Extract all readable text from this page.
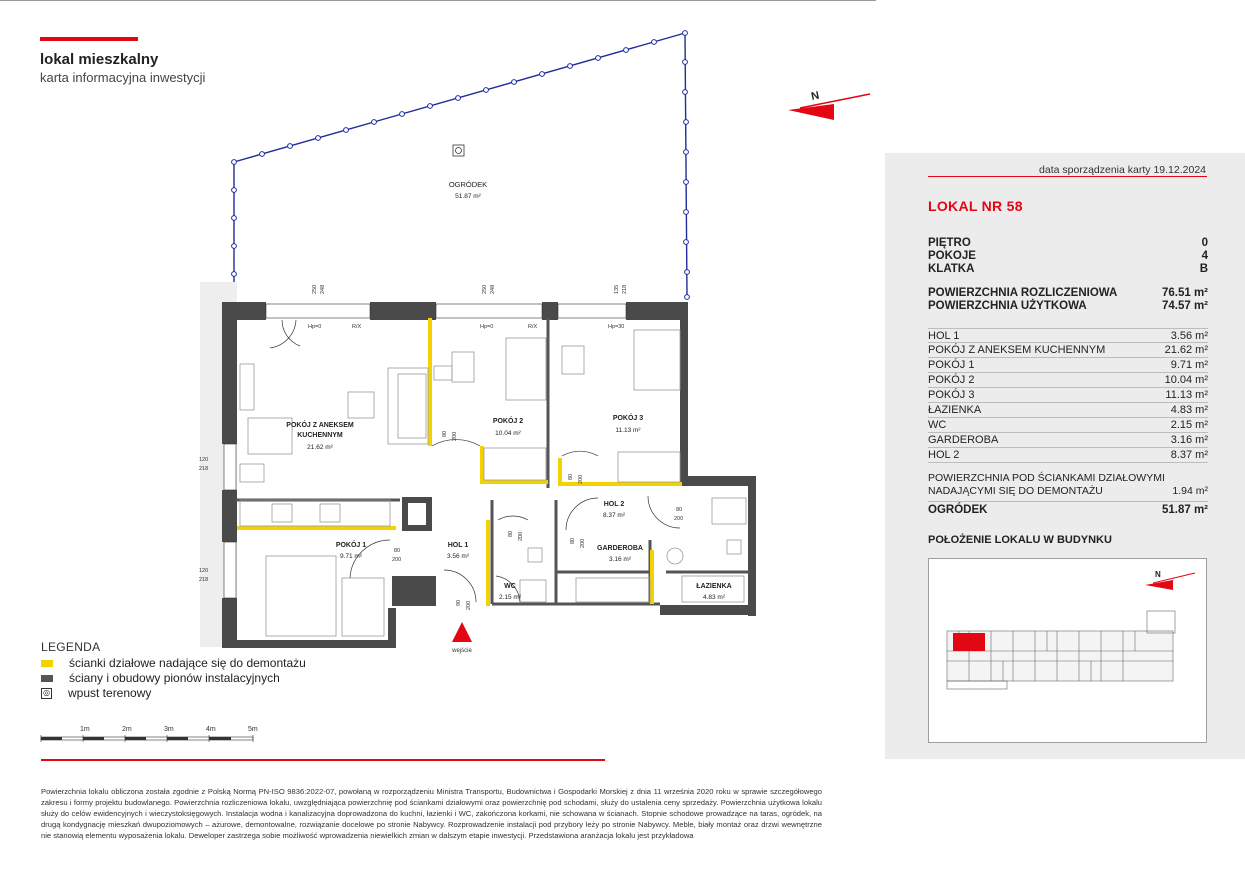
lokal mieszkalny
karta informacyjna inwestycji
N
OGRÓDEK
51.87 m²
POKÓJ Z ANEKSEM
KUCHENNYM
21.62 m²
POKÓJ 2
10.04 m²
POKÓJ 3
11.13 m²
POKÓJ 1
9.71 m²
HOL 1
3.56 m²
HOL 2
8.37 m²
GARDEROBA
3.16 m²
WC
2.15 m²
ŁAZIENKA
4.83 m²
80 200
80 200
80 200	80 200
80
200
80
200
90 200
250 248	250 248	135 218
120
218
120
218
Hp=0	R/X	Hp=0	R/X	Hp=30
wejście
1m	2m	3m	4m	5m
LEGENDA
ścianki działowe nadające się do demontażu
ściany i obudowy pionów instalacyjnych
◎ wpust terenowy
Powierzchnia lokalu obliczona została zgodnie z Polską Normą PN-ISO 9836:2022-07, powołaną w rozporządzeniu Ministra Transportu, Budownictwa i Gospodarki Morskiej z dnia 11 września 2020 roku w sprawie szczegółowego zakresu i formy projektu budowlanego. Powierzchnia rozliczeniowa lokalu, uwzględniająca powierzchnię pod ściankami działowymi oraz powierzchnię pod schodami, służy do ustalenia ceny sprzedaży. Powierzchnia użytkowa lokalu służy do celów ewidencyjnych i wieczystoksięgowych. Instalacja wodna i kanalizacyjna doprowadzona do kuchni, łazienki i WC, zakończona korkami, nie schowana w ścianach. Stopnie schodowe prowadzące na taras, ogródek, na drugą kondygnację mieszkań dwupoziomowych – ażurowe, demontowalne, rozwiązanie docelowe po stronie Nabywcy. Rozprowadzenie instalacji pod przybory leży po stronie Nabywcy. Meble, biały montaż oraz drzwi wewnętrzne nie stanowią elementu wyposażenia lokalu. Deweloper zastrzega sobie możliwość wprowadzenia niewielkich zmian w dalszym etapie inwestycji. Przedstawiona aranżacja lokalu jest przykładowa
data sporządzenia karty 19.12.2024
LOKAL NR 58
PIĘTRO	0
POKOJE	4
KLATKA	B
POWIERZCHNIA ROZLICZENIOWA	76.51 m²
POWIERZCHNIA UŻYTKOWA	74.57 m²
HOL 1	3.56 m²
POKÓJ Z ANEKSEM KUCHENNYM	21.62 m²
POKÓJ 1	9.71 m²
POKÓJ 2	10.04 m²
POKÓJ 3	11.13 m²
ŁAZIENKA	4.83 m²
WC	2.15 m²
GARDEROBA	3.16 m²
HOL 2	8.37 m²
POWIERZCHNIA POD ŚCIANKAMI DZIAŁOWYMI
NADAJĄCYMI SIĘ DO DEMONTAŻU	1.94 m²
OGRÓDEK	51.87 m²
POŁOŻENIE LOKALU W BUDYNKU
N
